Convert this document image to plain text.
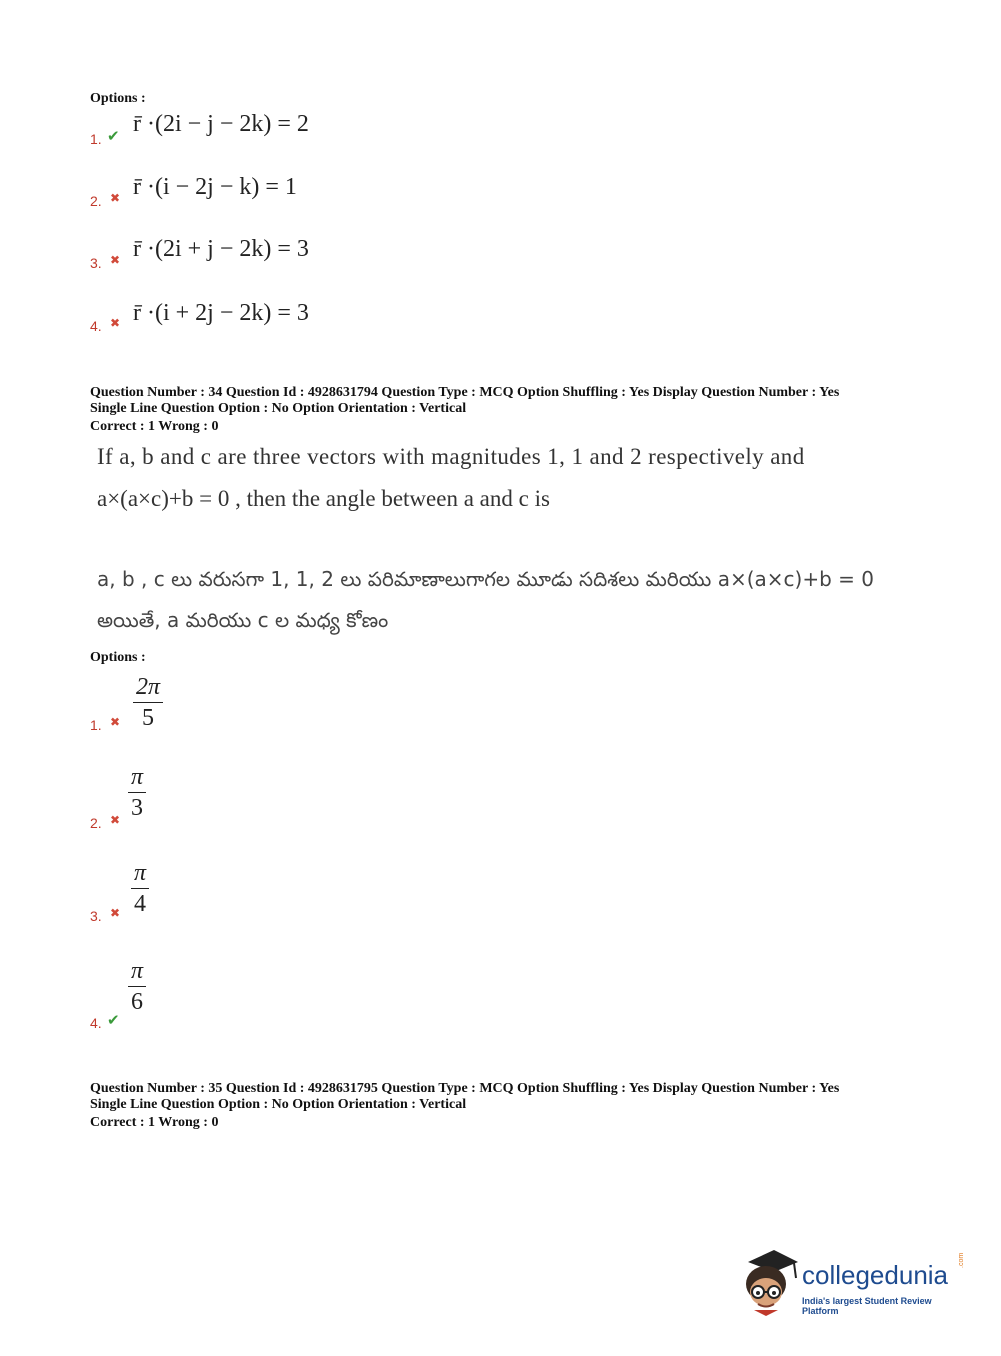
Options :
1. ✔ r̄ ·(2i − j − 2k) = 2
2. ✖ r̄ ·(i − 2j − k) = 1
3. ✖ r̄ ·(2i + j − 2k) = 3
4. ✖ r̄ ·(i + 2j − 2k) = 3
Question Number : 34 Question Id : 4928631794 Question Type : MCQ Option Shuffling : Yes Display Question Number : Yes
Single Line Question Option : No Option Orientation : Vertical
Correct : 1 Wrong : 0
If a, b and c are three vectors with magnitudes 1, 1 and 2 respectively and
a×(a×c)+b = 0 , then the angle between a and c is
a, b , c లు వరుసగా 1, 1, 2 లు పరిమాణాలుగాగల మూడు సదిశలు మరియు a×(a×c)+b = 0
అయితే, a మరియు c ల మధ్య కోణం
Options :
1. ✖ $\frac{2\pi}{5}$
2. ✖ $\frac{\pi}{3}$
3. ✖ $\frac{\pi}{4}$
4. ✔
$\frac{\pi}{6}$
Question Number : 35 Question Id : 4928631795 Question Type : MCQ Option Shuffling : Yes Display Question Number : Yes
Single Line Question Option : No Option Orientation : Vertical
Correct : 1 Wrong : 0
collegedunia .com
India's largest Student Review Platform
